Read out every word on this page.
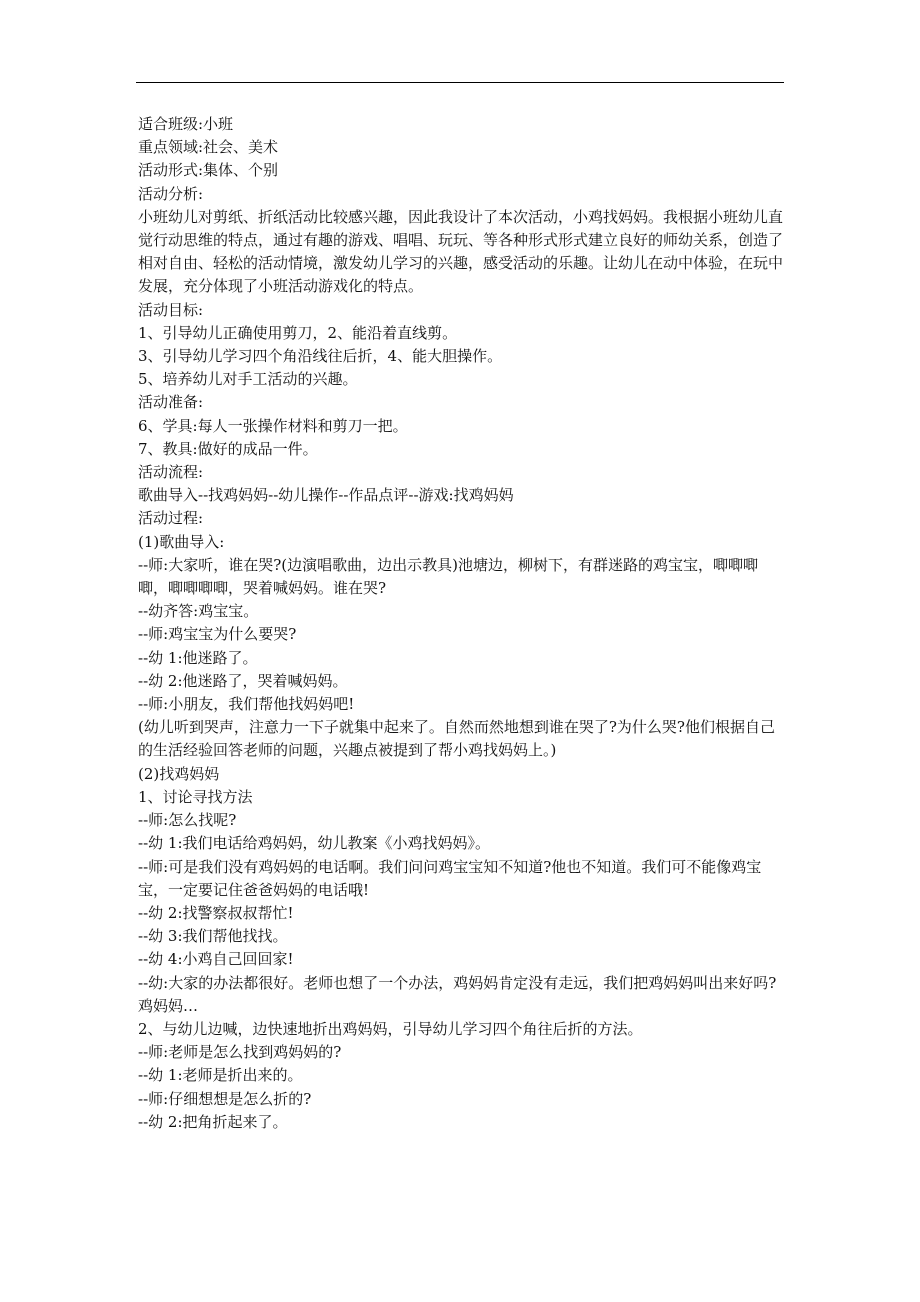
适合班级:小班

重点领域:社会、美术

活动形式:集体、个别

活动分析:

小班幼儿对剪纸、折纸活动比较感兴趣，因此我设计了本次活动，小鸡找妈妈。我根据小班幼儿直觉行动思维的特点，通过有趣的游戏、唱唱、玩玩、等各种形式形式建立良好的师幼关系，创造了相对自由、轻松的活动情境，激发幼儿学习的兴趣，感受活动的乐趣。让幼儿在动中体验，在玩中发展，充分体现了小班活动游戏化的特点。

活动目标:

1、引导幼儿正确使用剪刀，2、能沿着直线剪。

3、引导幼儿学习四个角沿线往后折，4、能大胆操作。

5、培养幼儿对手工活动的兴趣。

活动准备:

6、学具:每人一张操作材料和剪刀一把。

7、教具:做好的成品一件。

活动流程:

歌曲导入--找鸡妈妈--幼儿操作--作品点评--游戏:找鸡妈妈

活动过程:

(1)歌曲导入:

--师:大家听，谁在哭?(边演唱歌曲，边出示教具)池塘边，柳树下，有群迷路的鸡宝宝，唧唧唧唧，唧唧唧唧，哭着喊妈妈。谁在哭?

--幼齐答:鸡宝宝。

--师:鸡宝宝为什么要哭?

--幼 1:他迷路了。

--幼 2:他迷路了，哭着喊妈妈。

--师:小朋友，我们帮他找妈妈吧!

(幼儿听到哭声，注意力一下子就集中起来了。自然而然地想到谁在哭了?为什么哭?他们根据自己的生活经验回答老师的问题，兴趣点被提到了帮小鸡找妈妈上。)

(2)找鸡妈妈

1、讨论寻找方法

--师:怎么找呢?

--幼 1:我们电话给鸡妈妈，幼儿教案《小鸡找妈妈》。

--师:可是我们没有鸡妈妈的电话啊。我们问问鸡宝宝知不知道?他也不知道。我们可不能像鸡宝宝，一定要记住爸爸妈妈的电话哦!

--幼 2:找警察叔叔帮忙!

--幼 3:我们帮他找找。

--幼 4:小鸡自己回回家!

--幼:大家的办法都很好。老师也想了一个办法，鸡妈妈肯定没有走远，我们把鸡妈妈叫出来好吗?鸡妈妈…

2、与幼儿边喊，边快速地折出鸡妈妈，引导幼儿学习四个角往后折的方法。

--师:老师是怎么找到鸡妈妈的?

--幼 1:老师是折出来的。

--师:仔细想想是怎么折的?

--幼 2:把角折起来了。
